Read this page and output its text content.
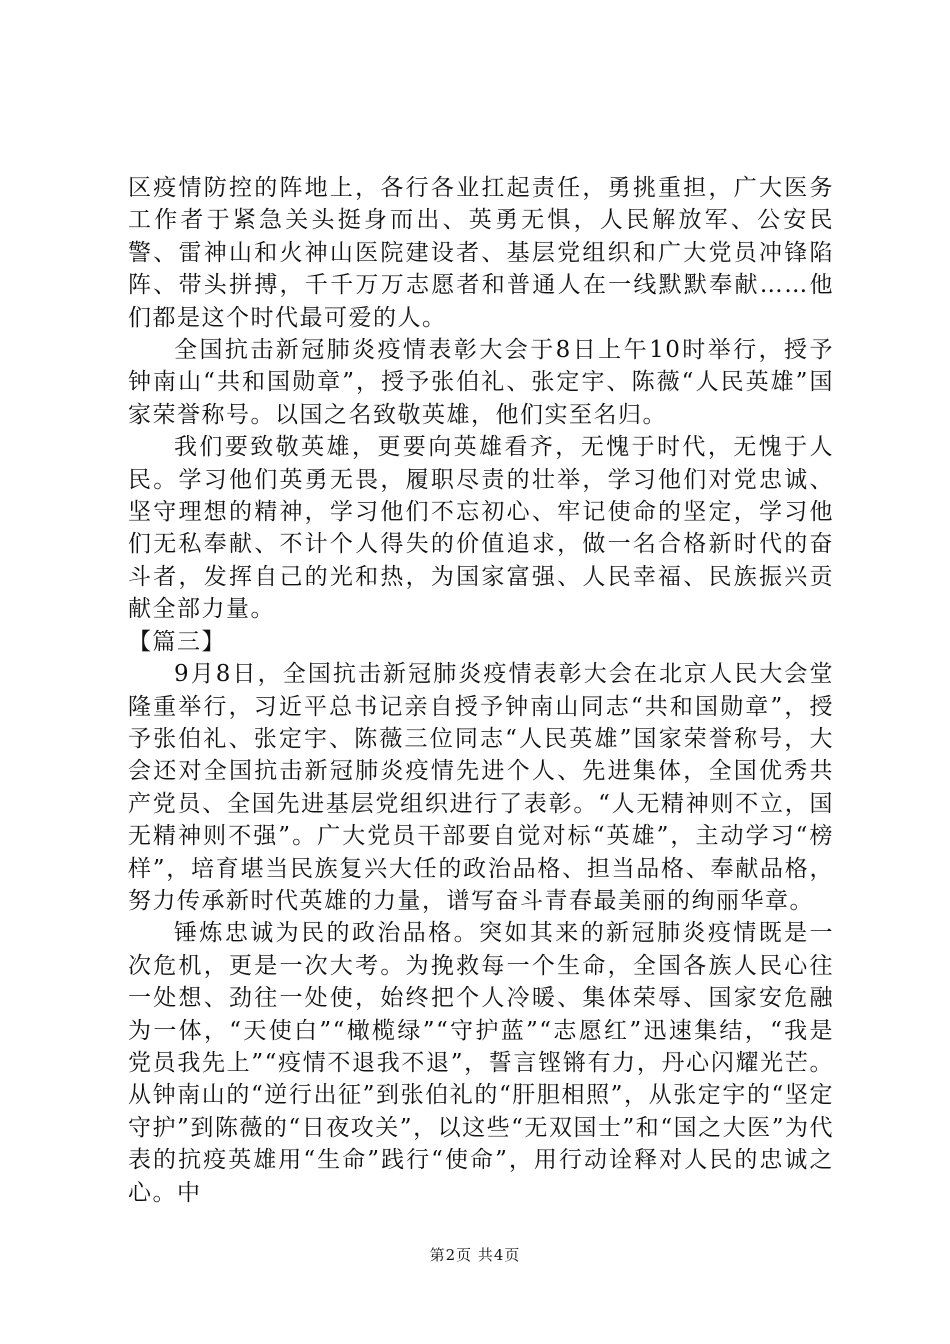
区疫情防控的阵地上，各行各业扛起责任，勇挑重担，广大医务工作者于紧急关头挺身而出、英勇无惧，人民解放军、公安民警、雷神山和火神山医院建设者、基层党组织和广大党员冲锋陷阵、带头拼搏，千千万万志愿者和普通人在一线默默奉献……他们都是这个时代最可爱的人。

全国抗击新冠肺炎疫情表彰大会于8日上午10时举行，授予钟南山“共和国勋章”，授予张伯礼、张定宇、陈薇“人民英雄”国家荣誉称号。以国之名致敬英雄，他们实至名归。

我们要致敬英雄，更要向英雄看齐，无愧于时代，无愧于人民。学习他们英勇无畏，履职尽责的壮举，学习他们对党忠诚、坚守理想的精神，学习他们不忘初心、牢记使命的坚定，学习他们无私奉献、不计个人得失的价值追求，做一名合格新时代的奋斗者，发挥自己的光和热，为国家富强、人民幸福、民族振兴贡献全部力量。

【篇三】

9月8日，全国抗击新冠肺炎疫情表彰大会在北京人民大会堂隆重举行，习近平总书记亲自授予钟南山同志“共和国勋章”，授予张伯礼、张定宇、陈薇三位同志“人民英雄”国家荣誉称号，大会还对全国抗击新冠肺炎疫情先进个人、先进集体，全国优秀共产党员、全国先进基层党组织进行了表彰。“人无精神则不立，国无精神则不强”。广大党员干部要自觉对标“英雄”，主动学习“榜样”，培育堪当民族复兴大任的政治品格、担当品格、奉献品格，努力传承新时代英雄的力量，谱写奋斗青春最美丽的绚丽华章。

锤炼忠诚为民的政治品格。突如其来的新冠肺炎疫情既是一次危机，更是一次大考。为挽救每一个生命，全国各族人民心往一处想、劲往一处使，始终把个人冷暖、集体荣辱、国家安危融为一体，“天使白”“橄榄绿”“守护蓝”“志愿红”迅速集结，“我是党员我先上”“疫情不退我不退”，誓言铿锵有力，丹心闪耀光芒。从钟南山的“逆行出征”到张伯礼的“肝胆相照”，从张定宇的“坚定守护”到陈薇的“日夜攻关”，以这些“无双国士”和“国之大医”为代表的抗疫英雄用“生命”践行“使命”，用行动诠释对人民的忠诚之心。中

第2页 共4页
